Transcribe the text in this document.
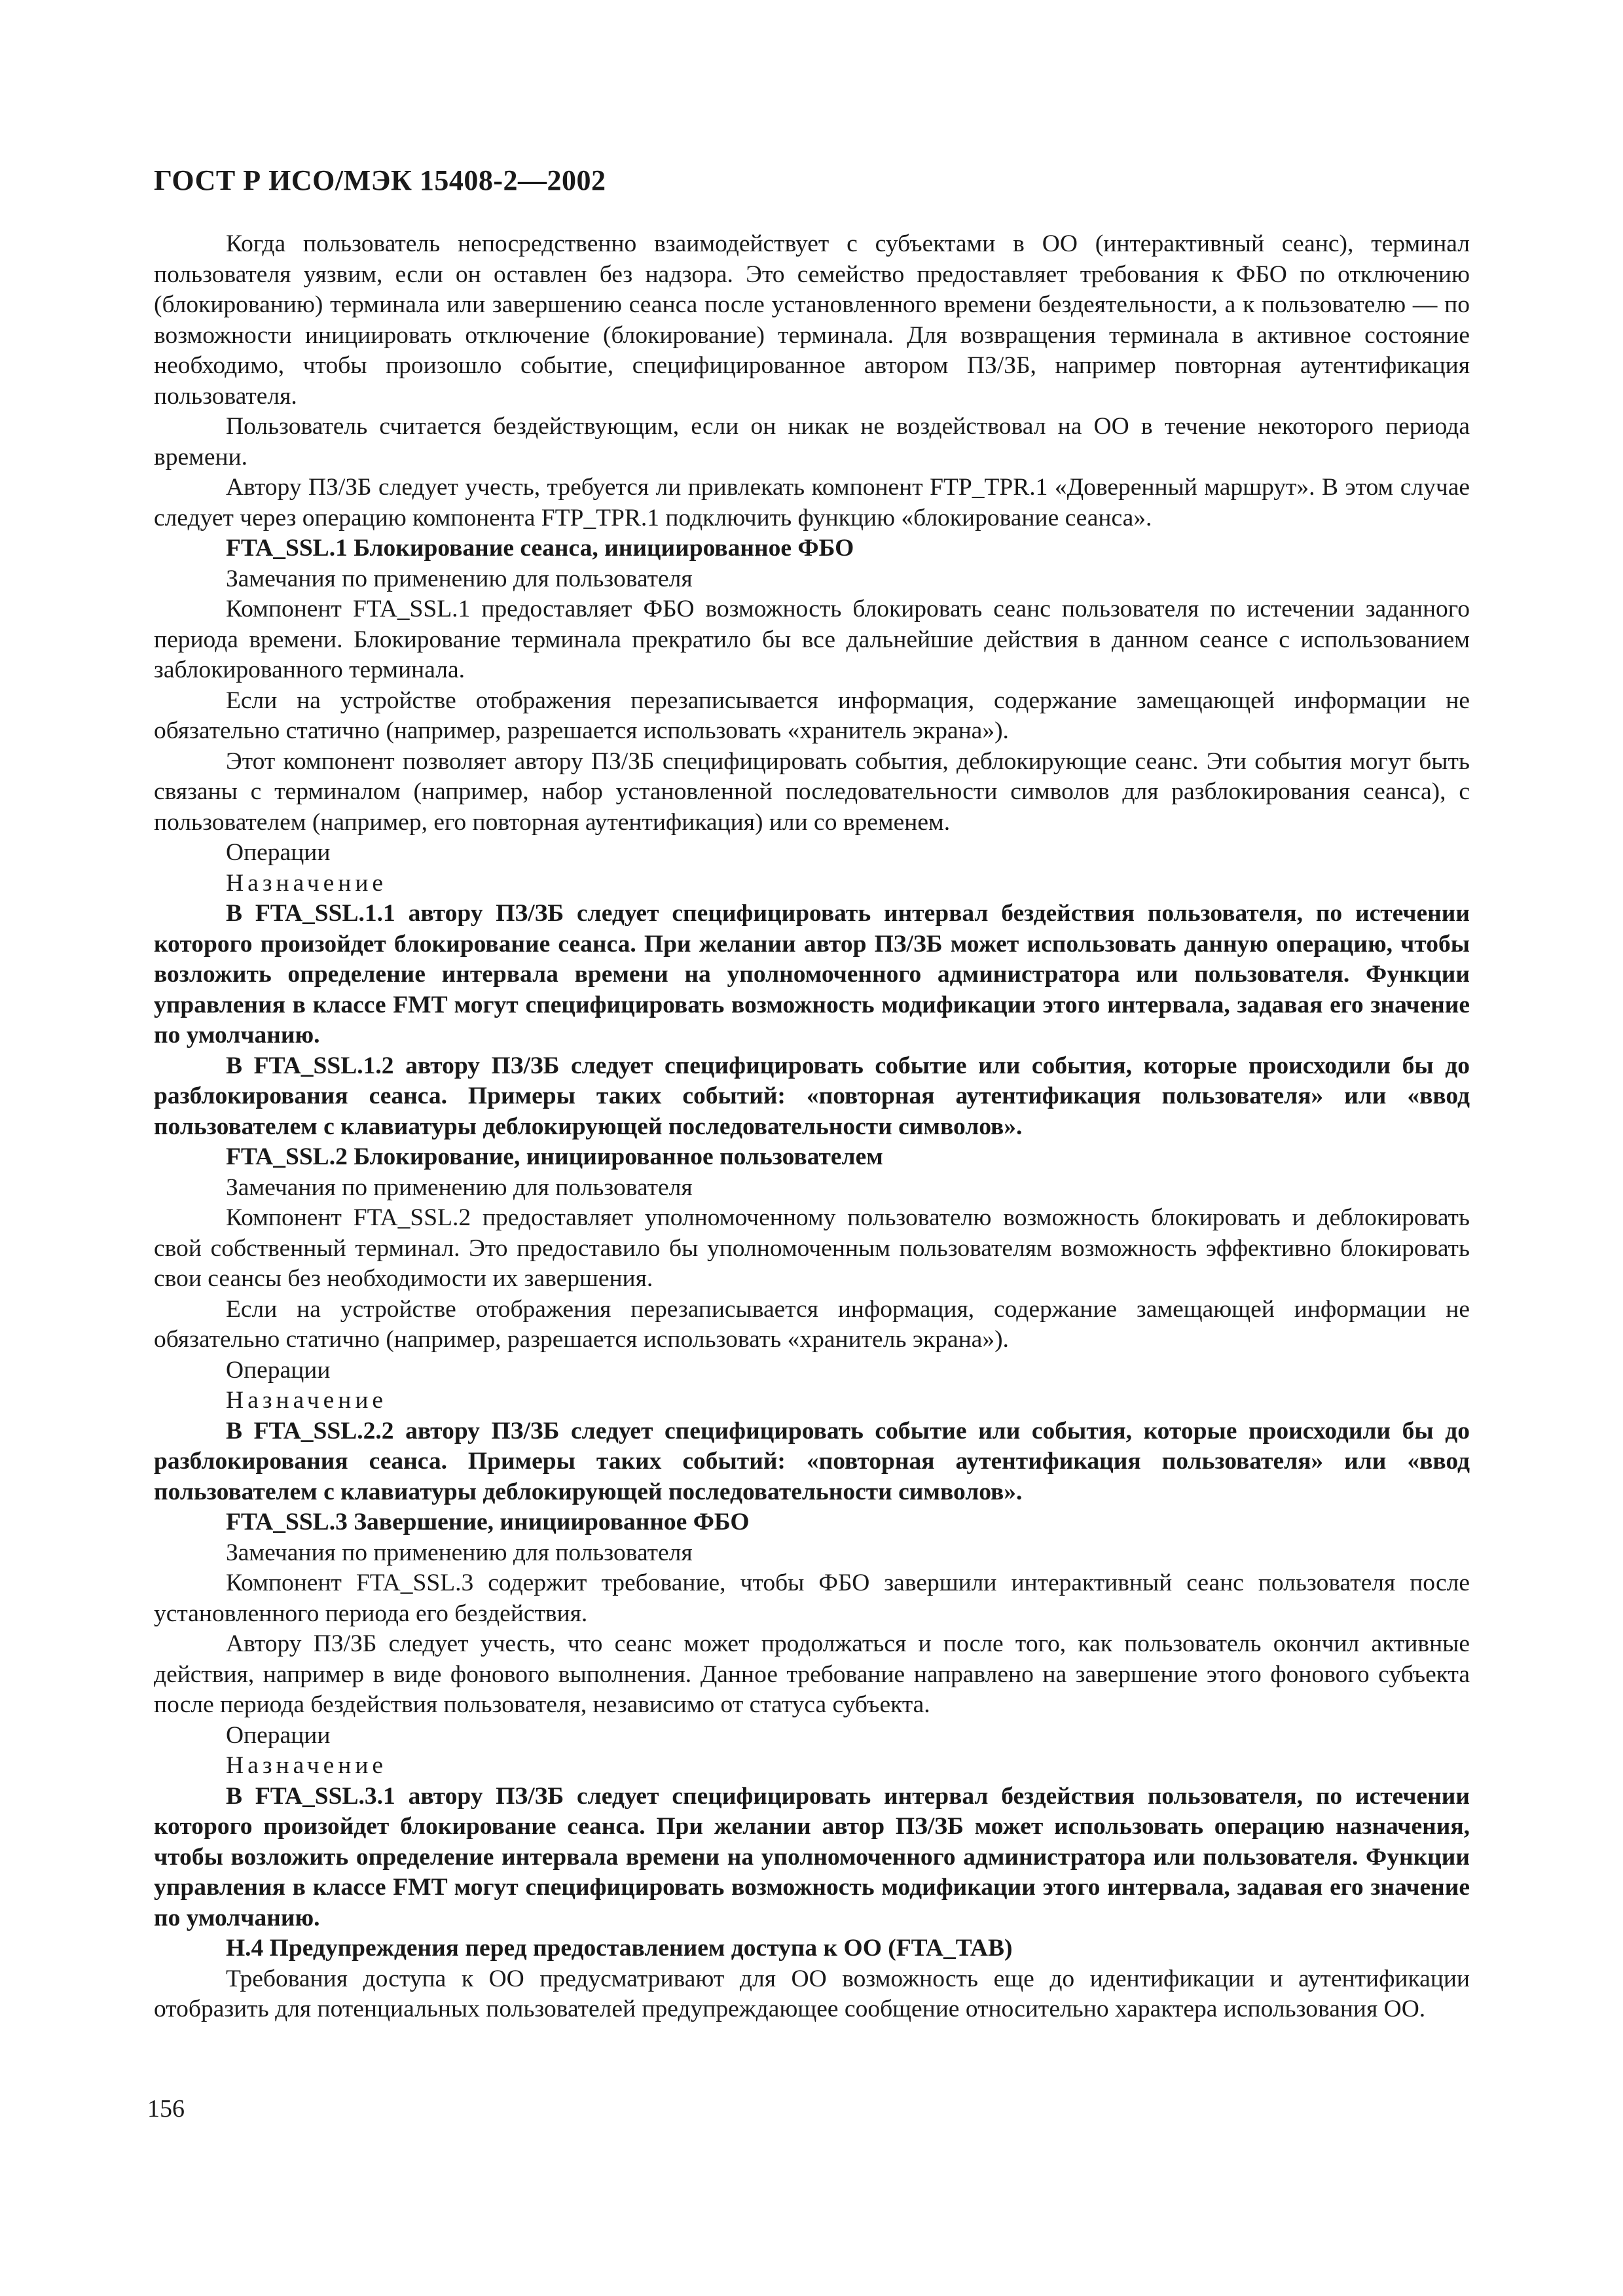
ГОСТ Р ИСО/МЭК 15408-2—2002

Когда пользователь непосредственно взаимодействует с субъектами в ОО (интерактивный сеанс), терминал пользователя уязвим, если он оставлен без надзора. Это семейство предоставляет требования к ФБО по отключению (блокированию) терминала или завершению сеанса после установленного времени бездеятельности, а к пользователю — по возможности инициировать отключение (блокирование) терминала. Для возвращения терминала в активное состояние необходимо, чтобы произошло событие, специфицированное автором ПЗ/ЗБ, например повторная аутентификация пользователя.

Пользователь считается бездействующим, если он никак не воздействовал на ОО в течение некоторого периода времени.

Автору ПЗ/ЗБ следует учесть, требуется ли привлекать компонент FTP_TPR.1 «Доверенный маршрут». В этом случае следует через операцию компонента FTP_TPR.1 подключить функцию «блокирование сеанса».

FTA_SSL.1 Блокирование сеанса, инициированное ФБО

Замечания по применению для пользователя

Компонент FTA_SSL.1 предоставляет ФБО возможность блокировать сеанс пользователя по истечении заданного периода времени. Блокирование терминала прекратило бы все дальнейшие действия в данном сеансе с использованием заблокированного терминала.

Если на устройстве отображения перезаписывается информация, содержание замещающей информации не обязательно статично (например, разрешается использовать «хранитель экрана»).

Этот компонент позволяет автору ПЗ/ЗБ специфицировать события, деблокирующие сеанс. Эти события могут быть связаны с терминалом (например, набор установленной последовательности символов для разблокирования сеанса), с пользователем (например, его повторная аутентификация) или со временем.

Операции

Назначение

В FTA_SSL.1.1 автору ПЗ/ЗБ следует специфицировать интервал бездействия пользователя, по истечении которого произойдет блокирование сеанса. При желании автор ПЗ/ЗБ может использовать данную операцию, чтобы возложить определение интервала времени на уполномоченного администратора или пользователя. Функции управления в классе FMT могут специфицировать возможность модификации этого интервала, задавая его значение по умолчанию.

В FTA_SSL.1.2 автору ПЗ/ЗБ следует специфицировать событие или события, которые происходили бы до разблокирования сеанса. Примеры таких событий: «повторная аутентификация пользователя» или «ввод пользователем с клавиатуры деблокирующей последовательности символов».

FTA_SSL.2 Блокирование, инициированное пользователем

Замечания по применению для пользователя

Компонент FTA_SSL.2 предоставляет уполномоченному пользователю возможность блокировать и деблокировать свой собственный терминал. Это предоставило бы уполномоченным пользователям возможность эффективно блокировать свои сеансы без необходимости их завершения.

Если на устройстве отображения перезаписывается информация, содержание замещающей информации не обязательно статично (например, разрешается использовать «хранитель экрана»).

Операции

Назначение

В FTA_SSL.2.2 автору ПЗ/ЗБ следует специфицировать событие или события, которые происходили бы до разблокирования сеанса. Примеры таких событий: «повторная аутентификация пользователя» или «ввод пользователем с клавиатуры деблокирующей последовательности символов».

FTA_SSL.3 Завершение, инициированное ФБО

Замечания по применению для пользователя

Компонент FTA_SSL.3 содержит требование, чтобы ФБО завершили интерактивный сеанс пользователя после установленного периода его бездействия.

Автору ПЗ/ЗБ следует учесть, что сеанс может продолжаться и после того, как пользователь окончил активные действия, например в виде фонового выполнения. Данное требование направлено на завершение этого фонового субъекта после периода бездействия пользователя, независимо от статуса субъекта.

Операции

Назначение

В FTA_SSL.3.1 автору ПЗ/ЗБ следует специфицировать интервал бездействия пользователя, по истечении которого произойдет блокирование сеанса. При желании автор ПЗ/ЗБ может использовать операцию назначения, чтобы возложить определение интервала времени на уполномоченного администратора или пользователя. Функции управления в классе FMT могут специфицировать возможность модификации этого интервала, задавая его значение по умолчанию.

Н.4 Предупреждения перед предоставлением доступа к ОО (FTA_TAB)

Требования доступа к ОО предусматривают для ОО возможность еще до идентификации и аутентификации отобразить для потенциальных пользователей предупреждающее сообщение относительно характера использования ОО.

156
